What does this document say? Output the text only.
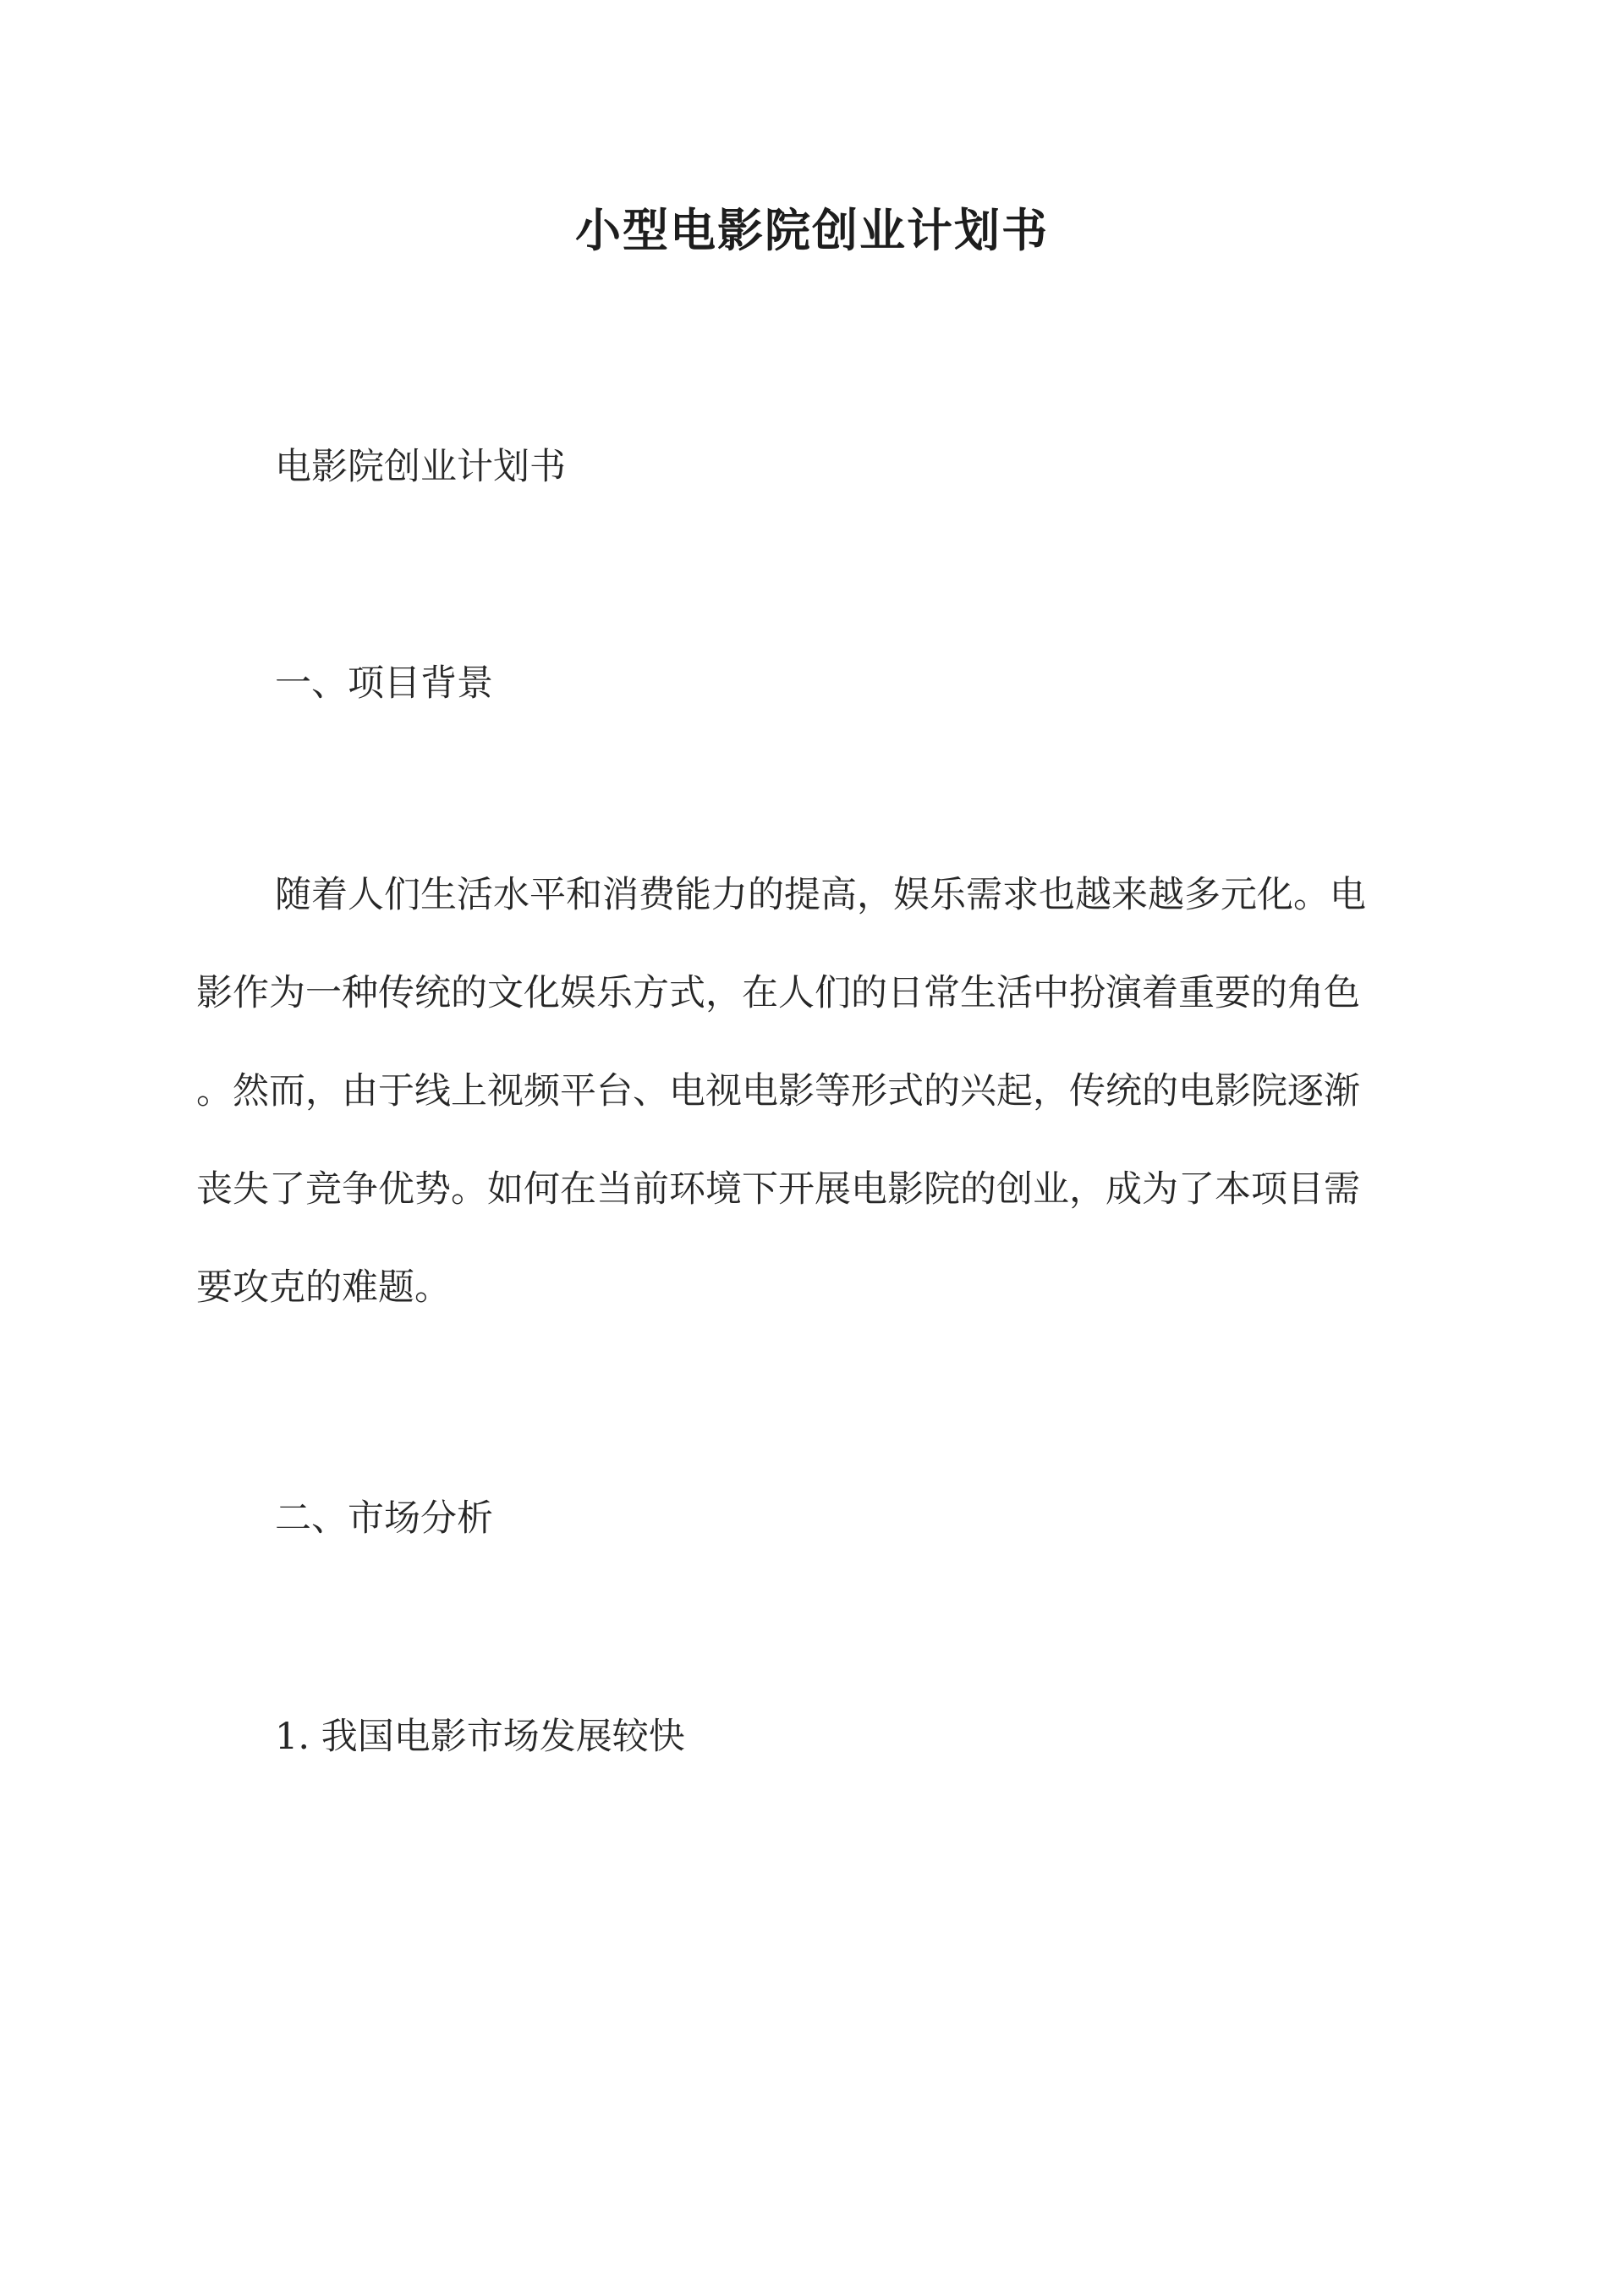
小型电影院创业计划书

电影院创业计划书

一、项目背景

随着人们生活水平和消费能力的提高，娱乐需求也越来越多元化。电
影作为一种传统的文化娱乐方式，在人们的日常生活中扮演着重要的角色
。然而，由于线上视频平台、电视电影等形式的兴起，传统的电影院逐渐
丧失了竞争优势。如何在当前环境下开展电影院的创业，成为了本项目需
要攻克的难题。

二、市场分析

1. 我国电影市场发展较快
